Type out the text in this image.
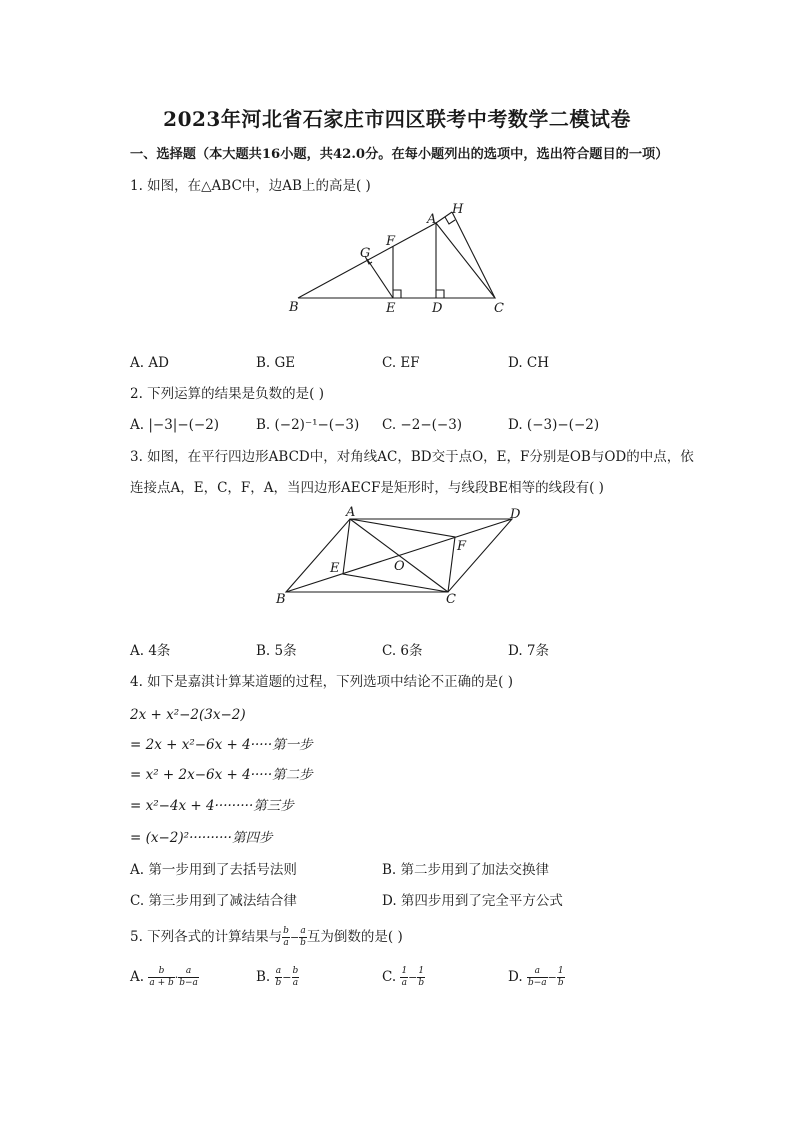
2023年河北省石家庄市四区联考中考数学二模试卷
一、选择题（本大题共16小题，共42.0分。在每小题列出的选项中，选出符合题目的一项）
1. 如图，在△ABC中，边AB上的高是( )
A
H
G
F
B	E	D	C
A. AD	B. GE	C. EF	D. CH
2. 下列运算的结果是负数的是( )
A. |−3|−(−2)	B. (−2)⁻¹−(−3) C. −2−(−3)	D. (−3)−(−2)
3. 如图，在平行四边形ABCD中，对角线AC，BD交于点O，E，F分别是OB与OD的中点，依
连接点A，E，C，F，A，当四边形AECF是矩形时，与线段BE相等的线段有( )
A	D
F
O
E
B	C
A. 4条	B. 5条	C. 6条	D. 7条
4. 如下是嘉淇计算某道题的过程，下列选项中结论不正确的是( )
2x + x²−2(3x−2)
= 2x + x²−6x + 4·····第一步
= x² + 2x−6x + 4·····第二步
= x²−4x + 4·········第三步
= (x−2)²··········第四步
A. 第一步用到了去括号法则	B. 第二步用到了加法交换律
C. 第三步用到了减法结合律	D. 第四步用到了完全平方公式
5. 下列各式的计算结果与 $\frac{b}{a} - \frac{a}{b}$ 互为倒数的是( )
A. $\frac{b}{a + b} \cdot \frac{a}{b-a}$	B. $\frac{a}{b} - \frac{b}{a}$	C. $\frac{1}{a} - \frac{1}{b}$	D. $\frac{a}{b-a} - \frac{1}{b}$
